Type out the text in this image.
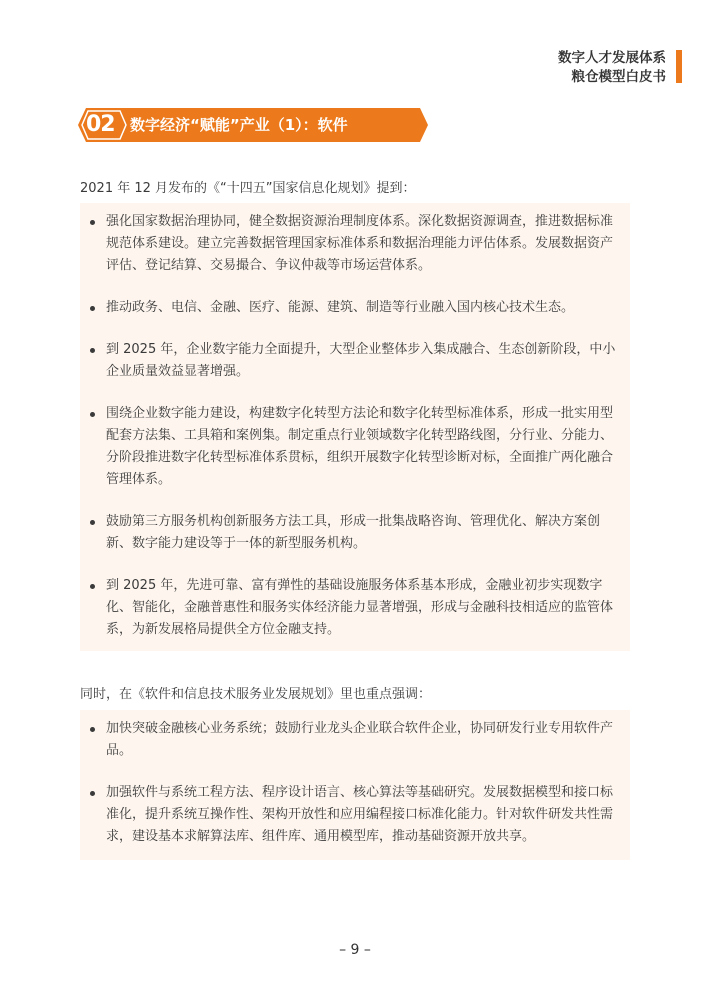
数字人才发展体系
粮仓模型白皮书
02 数字经济“赋能”产业（1）：软件
2021 年 12 月发布的《“十四五”国家信息化规划》提到：
强化国家数据治理协同，健全数据资源治理制度体系。深化数据资源调查，推进数据标准规范体系建设。建立完善数据管理国家标准体系和数据治理能力评估体系。发展数据资产评估、登记结算、交易撮合、争议仲裁等市场运营体系。
推动政务、电信、金融、医疗、能源、建筑、制造等行业融入国内核心技术生态。
到 2025 年，企业数字能力全面提升，大型企业整体步入集成融合、生态创新阶段，中小企业质量效益显著增强。
围绕企业数字能力建设，构建数字化转型方法论和数字化转型标准体系，形成一批实用型配套方法集、工具箱和案例集。制定重点行业领域数字化转型路线图，分行业、分能力、分阶段推进数字化转型标准体系贯标，组织开展数字化转型诊断对标，全面推广两化融合管理体系。
鼓励第三方服务机构创新服务方法工具，形成一批集战略咨询、管理优化、解决方案创新、数字能力建设等于一体的新型服务机构。
到 2025 年，先进可靠、富有弹性的基础设施服务体系基本形成，金融业初步实现数字化、智能化，金融普惠性和服务实体经济能力显著增强，形成与金融科技相适应的监管体系，为新发展格局提供全方位金融支持。
同时，在《软件和信息技术服务业发展规划》里也重点强调：
加快突破金融核心业务系统；鼓励行业龙头企业联合软件企业，协同研发行业专用软件产品。
加强软件与系统工程方法、程序设计语言、核心算法等基础研究。发展数据模型和接口标准化，提升系统互操作性、架构开放性和应用编程接口标准化能力。针对软件研发共性需求，建设基本求解算法库、组件库、通用模型库，推动基础资源开放共享。
– 9 –
